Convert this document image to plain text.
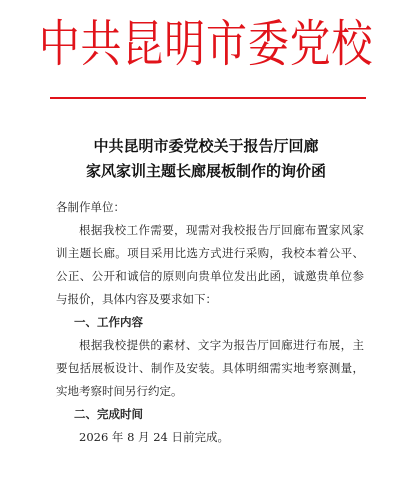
中共昆明市委党校
中共昆明市委党校关于报告厅回廊
家风家训主题长廊展板制作的询价函

各制作单位：

根据我校工作需要，现需对我校报告厅回廊布置家风家训主题长廊。项目采用比选方式进行采购，我校本着公平、公正、公开和诚信的原则向贵单位发出此函，诚邀贵单位参与报价，具体内容及要求如下：

一、工作内容

根据我校提供的素材、文字为报告厅回廊进行布展，主要包括展板设计、制作及安装。具体明细需实地考察测量，实地考察时间另行约定。

二、完成时间

2026 年 8 月 24 日前完成。
